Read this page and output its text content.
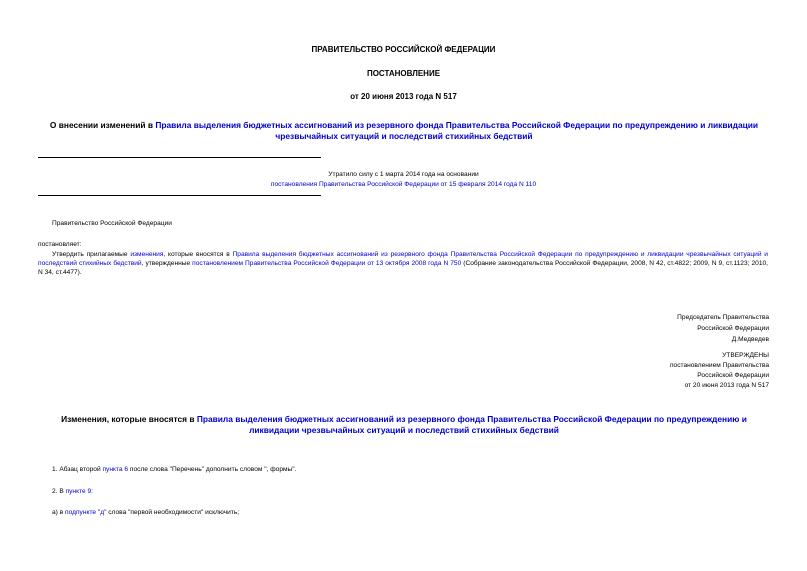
ПРАВИТЕЛЬСТВО РОССИЙСКОЙ ФЕДЕРАЦИИ
ПОСТАНОВЛЕНИЕ
от 20 июня 2013 года N 517
О внесении изменений в Правила выделения бюджетных ассигнований из резервного фонда Правительства Российской Федерации по предупреждению и ликвидации чрезвычайных ситуаций и последствий стихийных бедствий
Утратило силу с 1 марта 2014 года на основании
постановления Правительства Российской Федерации от 15 февраля 2014 года N 110
Правительство Российской Федерации
постановляет:
Утвердить прилагаемые изменения, которые вносятся в Правила выделения бюджетных ассигнований из резервного фонда Правительства Российской Федерации по предупреждению и ликвидации чрезвычайных ситуаций и последствий стихийных бедствий, утвержденные постановлением Правительства Российской Федерации от 13 октября 2008 года N 750 (Собрание законодательства Российской Федерации, 2008, N 42, ст.4822; 2009, N 9, ст.1123; 2010, N 34, ст.4477).
Председатель Правительства
Российской Федерации
Д.Медведев
УТВЕРЖДЕНЫ
постановлением Правительства
Российской Федерации
от 20 июня 2013 года N 517
Изменения, которые вносятся в Правила выделения бюджетных ассигнований из резервного фонда Правительства Российской Федерации по предупреждению и ликвидации чрезвычайных ситуаций и последствий стихийных бедствий
1. Абзац второй пункта 6 после слова "Перечень" дополнить словом ", формы".
2. В пункте 9:
а) в подпункте "д" слова "первой необходимости" исключить;
